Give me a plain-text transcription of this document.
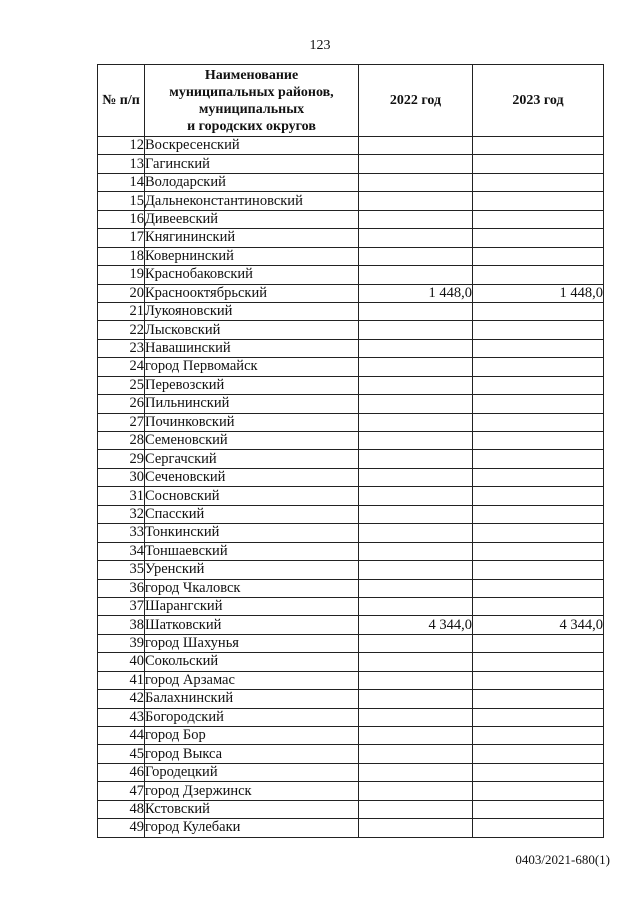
123
№ п/п	Наименование
муниципальных районов,
муниципальных
и городских округов	2022 год	2023 год
12	Воскресенский		
13	Гагинский		
14	Володарский		
15	Дальнеконстантиновский		
16	Дивеевский		
17	Княгининский		
18	Ковернинский		
19	Краснобаковский		
20	Краснооктябрьский	1 448,0	1 448,0
21	Лукояновский		
22	Лысковский		
23	Навашинский		
24	город Первомайск		
25	Перевозский		
26	Пильнинский		
27	Починковский		
28	Семеновский		
29	Сергачский		
30	Сеченовский		
31	Сосновский		
32	Спасский		
33	Тонкинский		
34	Тоншаевский		
35	Уренский		
36	город Чкаловск		
37	Шарангский		
38	Шатковский	4 344,0	4 344,0
39	город Шахунья		
40	Сокольский		
41	город Арзамас		
42	Балахнинский		
43	Богородский		
44	город Бор		
45	город Выкса		
46	Городецкий		
47	город Дзержинск		
48	Кстовский		
49	город Кулебаки		
0403/2021-680(1)
